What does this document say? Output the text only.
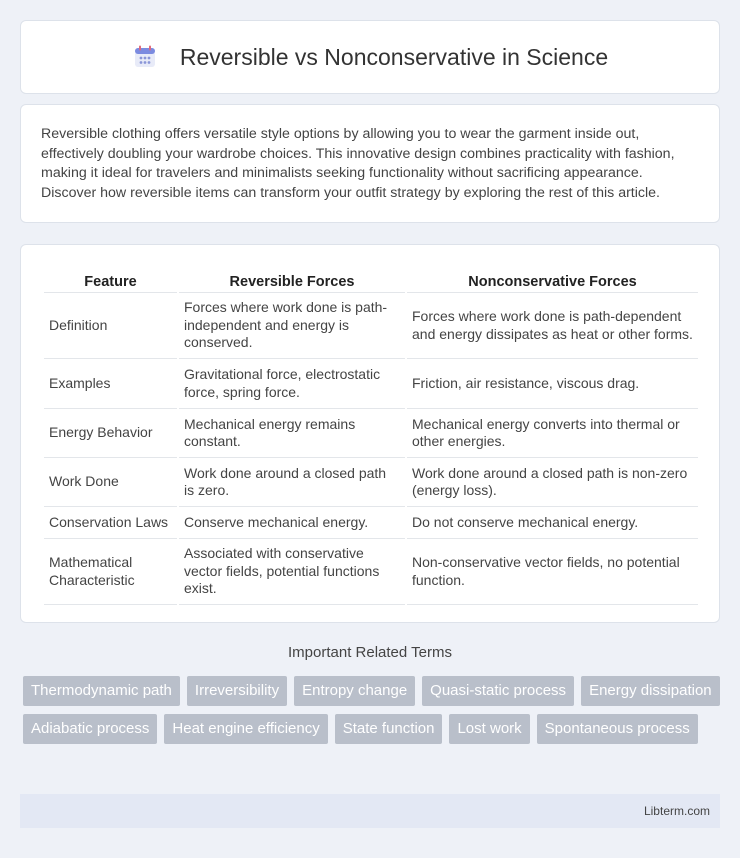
Reversible vs Nonconservative in Science

Reversible clothing offers versatile style options by allowing you to wear the garment inside out, effectively doubling your wardrobe choices. This innovative design combines practicality with fashion, making it ideal for travelers and minimalists seeking functionality without sacrificing appearance. Discover how reversible items can transform your outfit strategy by exploring the rest of this article.

Feature	Reversible Forces	Nonconservative Forces
Definition	Forces where work done is path-independent and energy is conserved.	Forces where work done is path-dependent and energy dissipates as heat or other forms.
Examples	Gravitational force, electrostatic force, spring force.	Friction, air resistance, viscous drag.
Energy Behavior	Mechanical energy remains constant.	Mechanical energy converts into thermal or other energies.
Work Done	Work done around a closed path is zero.	Work done around a closed path is non-zero (energy loss).
Conservation Laws	Conserve mechanical energy.	Do not conserve mechanical energy.
Mathematical Characteristic	Associated with conservative vector fields, potential functions exist.	Non-conservative vector fields, no potential function.
Important Related Terms
Thermodynamic path	Irreversibility	Entropy change	Quasi-static process	Energy dissipation
Adiabatic process	Heat engine efficiency	State function	Lost work	Spontaneous process
Libterm.com
